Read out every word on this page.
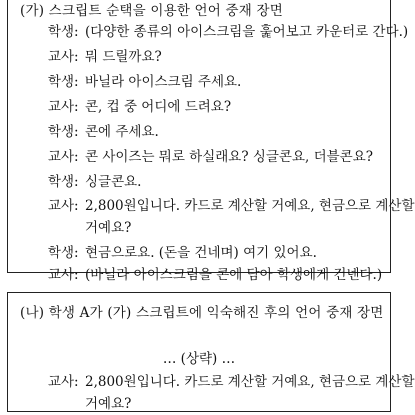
(가) 스크립트 순택을 이용한 언어 중재 장면
학생 : (다양한 종류의 아이스크림을 훑어보고 카운터로 간다.)
교사 : 뭐 드릴까요?
학생 : 바닐라 아이스크림 주세요.
교사 : 콘, 컵 중 어디에 드려요?
학생 : 콘에 주세요.
교사 : 콘 사이즈는 뭐로 하실래요? 싱글콘요, 더블콘요?
학생 : 싱글콘요.
교사 : 2,800원입니다. 카드로 계산할 거예요, 현금으로 계산할
거예요?
학생 : 현금으로요. (돈을 건네며) 여기 있어요.
교사 : (바닐라 아이스크림을 콘에 담아 학생에게 건넨다.)
(나) 학생 A가 (가) 스크립트에 익숙해진 후의 언어 중재 장면
… (상략) …
교사 : 2,800원입니다. 카드로 계산할 거예요, 현금으로 계산할
거예요?
